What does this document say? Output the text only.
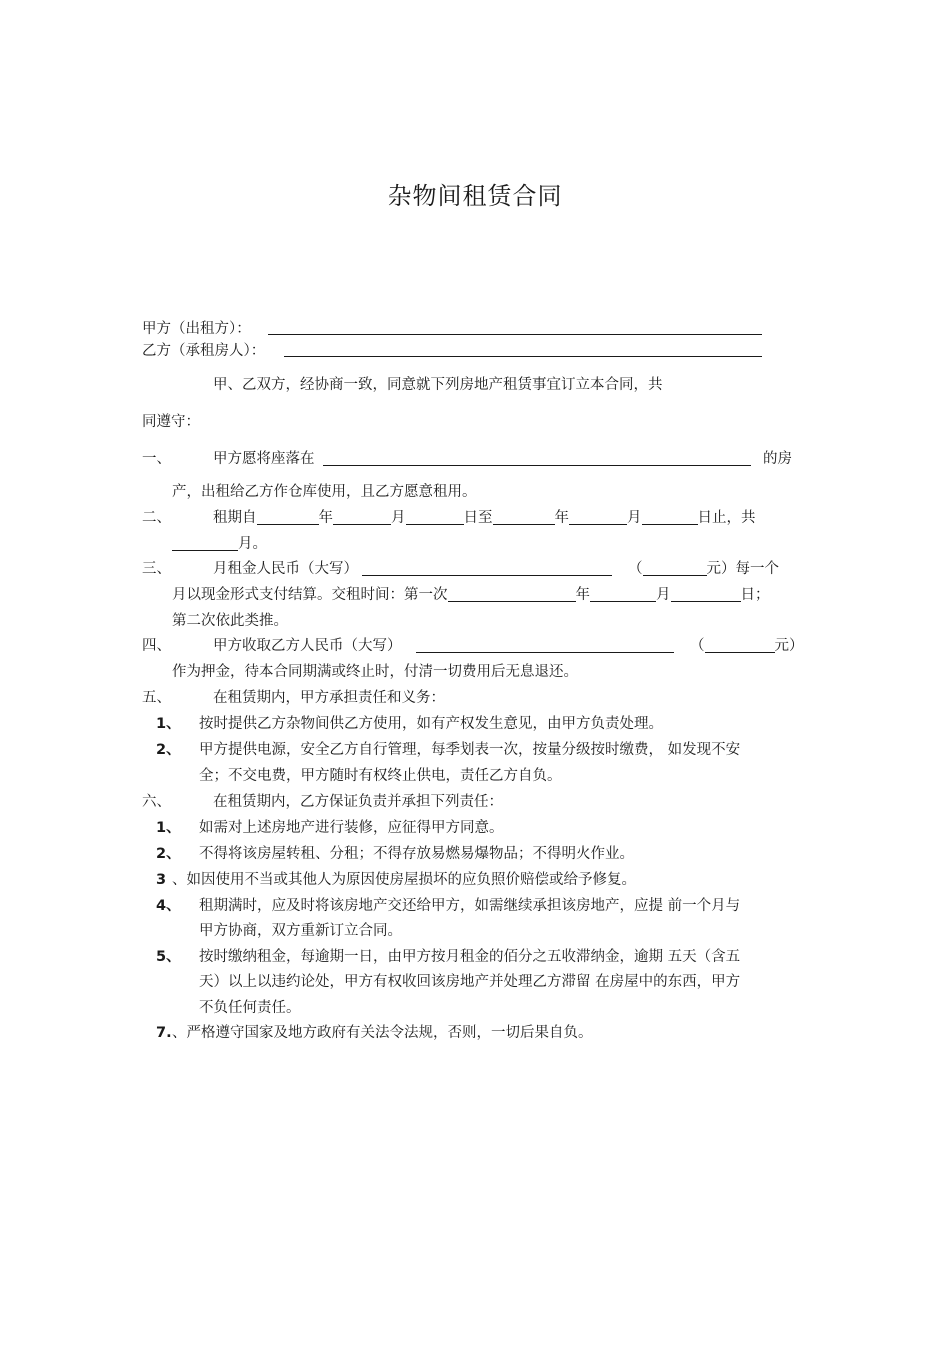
杂物间租赁合同
甲方（出租方）：
乙方（承租房人）：
甲、乙双方，经协商一致，同意就下列房地产租赁事宜订立本合同，共
同遵守：
一、	甲方愿将座落在	的房
产，出租给乙方作仓库使用，且乙方愿意租用。
二、	租期自	年	月	日至	年	月	日止，共
月。
三、	月租金人民币（大写）	（	元）每一个
月以现金形式支付结算。交租时间：第一次	年	月	日；
第二次依此类推。
四、	甲方收取乙方人民币（大写）	（	元）
作为押金，待本合同期满或终止时，付清一切费用后无息退还。
五、	在租赁期内，甲方承担责任和义务：
1、 按时提供乙方杂物间供乙方使用，如有产权发生意见，由甲方负责处理。
2、 甲方提供电源，安全乙方自行管理，每季划表一次，按量分级按时缴费， 如发现不安
全；不交电费，甲方随时有权终止供电，责任乙方自负。
六、	在租赁期内，乙方保证负责并承担下列责任：
1、 如需对上述房地产进行装修，应征得甲方同意。
2、 不得将该房屋转租、分租；不得存放易燃易爆物品；不得明火作业。
3 、如因使用不当或其他人为原因使房屋损坏的应负照价赔偿或给予修复。
4、 租期满时，应及时将该房地产交还给甲方，如需继续承担该房地产，应提 前一个月与
甲方协商，双方重新订立合同。
5、 按时缴纳租金，每逾期一日，由甲方按月租金的佰分之五收滞纳金，逾期 五天（含五
天）以上以违约论处，甲方有权收回该房地产并处理乙方滞留 在房屋中的东西，甲方
不负任何责任。
7. 、严格遵守国家及地方政府有关法令法规，否则，一切后果自负。
